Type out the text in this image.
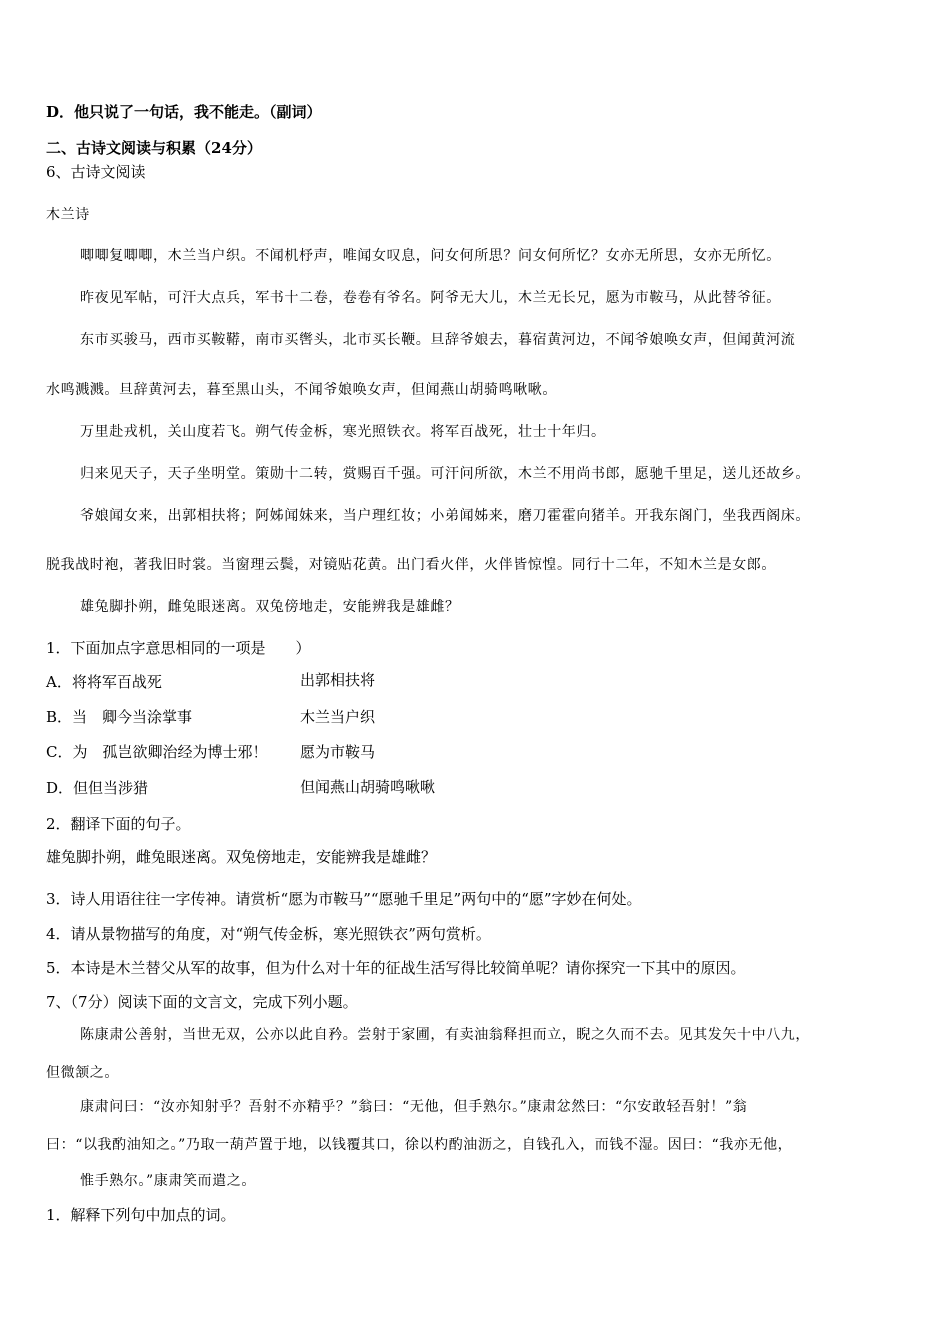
D．他只说了一句话，我不能走。（副词）
二、古诗文阅读与积累（24分）
6、古诗文阅读
木兰诗
唧唧复唧唧，木兰当户织。不闻机杼声，唯闻女叹息，问女何所思？问女何所忆？女亦无所思，女亦无所忆。
昨夜见军帖，可汗大点兵，军书十二卷，卷卷有爷名。阿爷无大儿，木兰无长兄，愿为市鞍马，从此替爷征。
东市买骏马，西市买鞍鞯，南市买辔头，北市买长鞭。旦辞爷娘去，暮宿黄河边，不闻爷娘唤女声，但闻黄河流
水鸣溅溅。旦辞黄河去，暮至黑山头，不闻爷娘唤女声，但闻燕山胡骑鸣啾啾。
万里赴戎机，关山度若飞。朔气传金柝，寒光照铁衣。将军百战死，壮士十年归。
归来见天子，天子坐明堂。策勋十二转，赏赐百千强。可汗问所欲，木兰不用尚书郎，愿驰千里足，送儿还故乡。
爷娘闻女来，出郭相扶将；阿姊闻妹来，当户理红妆；小弟闻姊来，磨刀霍霍向猪羊。开我东阁门，坐我西阁床。
脱我战时袍，著我旧时裳。当窗理云鬓，对镜贴花黄。出门看火伴，火伴皆惊惶。同行十二年，不知木兰是女郎。
雄兔脚扑朔，雌兔眼迷离。双兔傍地走，安能辨我是雄雌？
1．下面加点字意思相同的一项是　　）
A．将将军百战死	出郭相扶将
B．当　卿今当涂掌事	木兰当户织
C．为　孤岂欲卿治经为博士邪！ 愿为市鞍马
D．但但当涉猎	但闻燕山胡骑鸣啾啾
2．翻译下面的句子。
雄兔脚扑朔，雌兔眼迷离。双兔傍地走，安能辨我是雄雌？
3．诗人用语往往一字传神。请赏析“愿为市鞍马”“愿驰千里足”两句中的“愿”字妙在何处。
4．请从景物描写的角度，对“朔气传金柝，寒光照铁衣”两句赏析。
5．本诗是木兰替父从军的故事，但为什么对十年的征战生活写得比较简单呢？请你探究一下其中的原因。
7、（7分）阅读下面的文言文，完成下列小题。
陈康肃公善射，当世无双，公亦以此自矜。尝射于家圃，有卖油翁释担而立，睨之久而不去。见其发矢十中八九，
但微颔之。
康肃问曰：“汝亦知射乎？吾射不亦精乎？”翁曰：“无他，但手熟尔。”康肃忿然曰：“尔安敢轻吾射！”翁
曰：“以我酌油知之。”乃取一葫芦置于地，以钱覆其口，徐以杓酌油沥之，自钱孔入，而钱不湿。因曰：“我亦无他，
惟手熟尔。”康肃笑而遣之。
1．解释下列句中加点的词。
